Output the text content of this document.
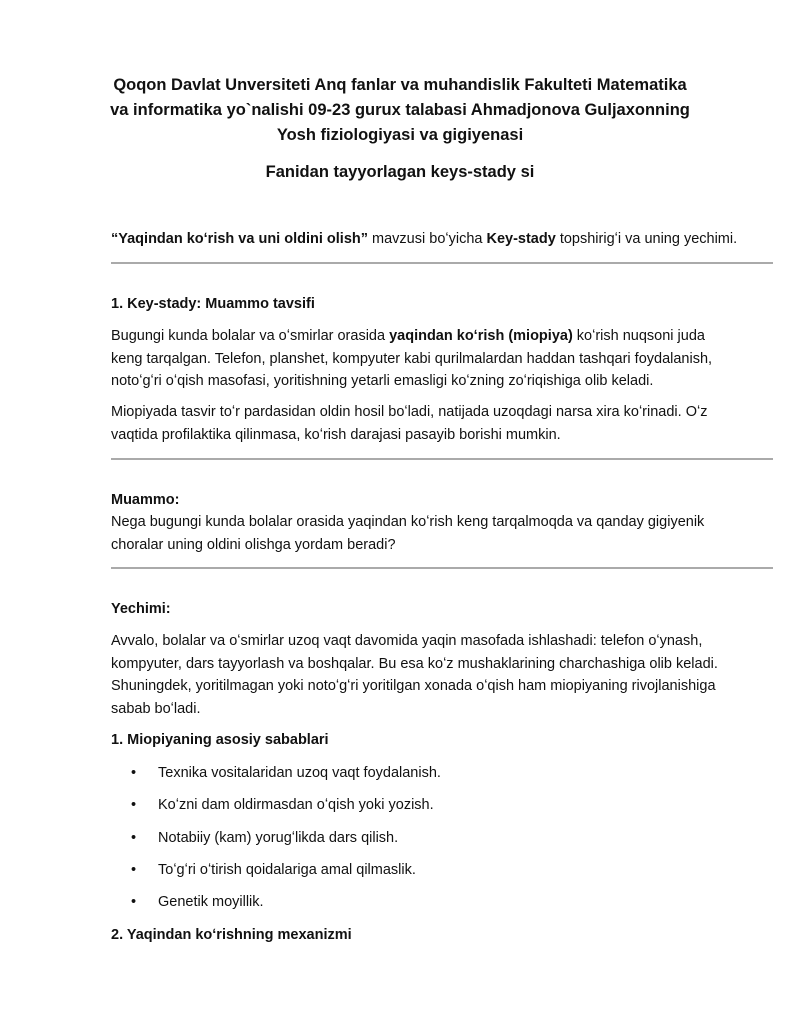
Qoqon Davlat Unversiteti Anq fanlar va muhandislik Fakulteti Matematika va informatika yo`nalishi 09-23 gurux talabasi Ahmadjonova Guljaxonning Yosh fiziologiyasi va gigiyenasi
Fanidan tayyorlagan keys-stady si
“Yaqindan koʻrish va uni oldini olish” mavzusi boʻyicha Key-stady topshirigʻi va uning yechimi.
1. Key-stady: Muammo tavsifi
Bugungi kunda bolalar va oʻsmirlar orasida yaqindan koʻrish (miopiya) koʻrish nuqsoni juda keng tarqalgan. Telefon, planshet, kompyuter kabi qurilmalardan haddan tashqari foydalanish, notoʻgʻri oʻqish masofasi, yoritishning yetarli emasligi koʻzning zoʻriqishiga olib keladi.
Miopiyada tasvir toʻr pardasidan oldin hosil boʻladi, natijada uzoqdagi narsa xira koʻrinadi. Oʻz vaqtida profilaktika qilinmasa, koʻrish darajasi pasayib borishi mumkin.
Muammo:
Nega bugungi kunda bolalar orasida yaqindan koʻrish keng tarqalmoqda va qanday gigiyenik choralar uning oldini olishga yordam beradi?
Yechimi:
Avvalo, bolalar va oʻsmirlar uzoq vaqt davomida yaqin masofada ishlashadi: telefon oʻynash, kompyuter, dars tayyorlash va boshqalar. Bu esa koʻz mushaklarining charchashiga olib keladi. Shuningdek, yoritilmagan yoki notoʻgʻri yoritilgan xonada oʻqish ham miopiyaning rivojlanishiga sabab boʻladi.
1. Miopiyaning asosiy sabablari
•	Texnika vositalaridan uzoq vaqt foydalanish.
•	Koʻzni dam oldirmasdan oʻqish yoki yozish.
•	Notabiiy (kam) yorugʻlikda dars qilish.
•	Toʻgʻri oʻtirish qoidalariga amal qilmaslik.
•	Genetik moyillik.
2. Yaqindan koʻrishning mexanizmi
